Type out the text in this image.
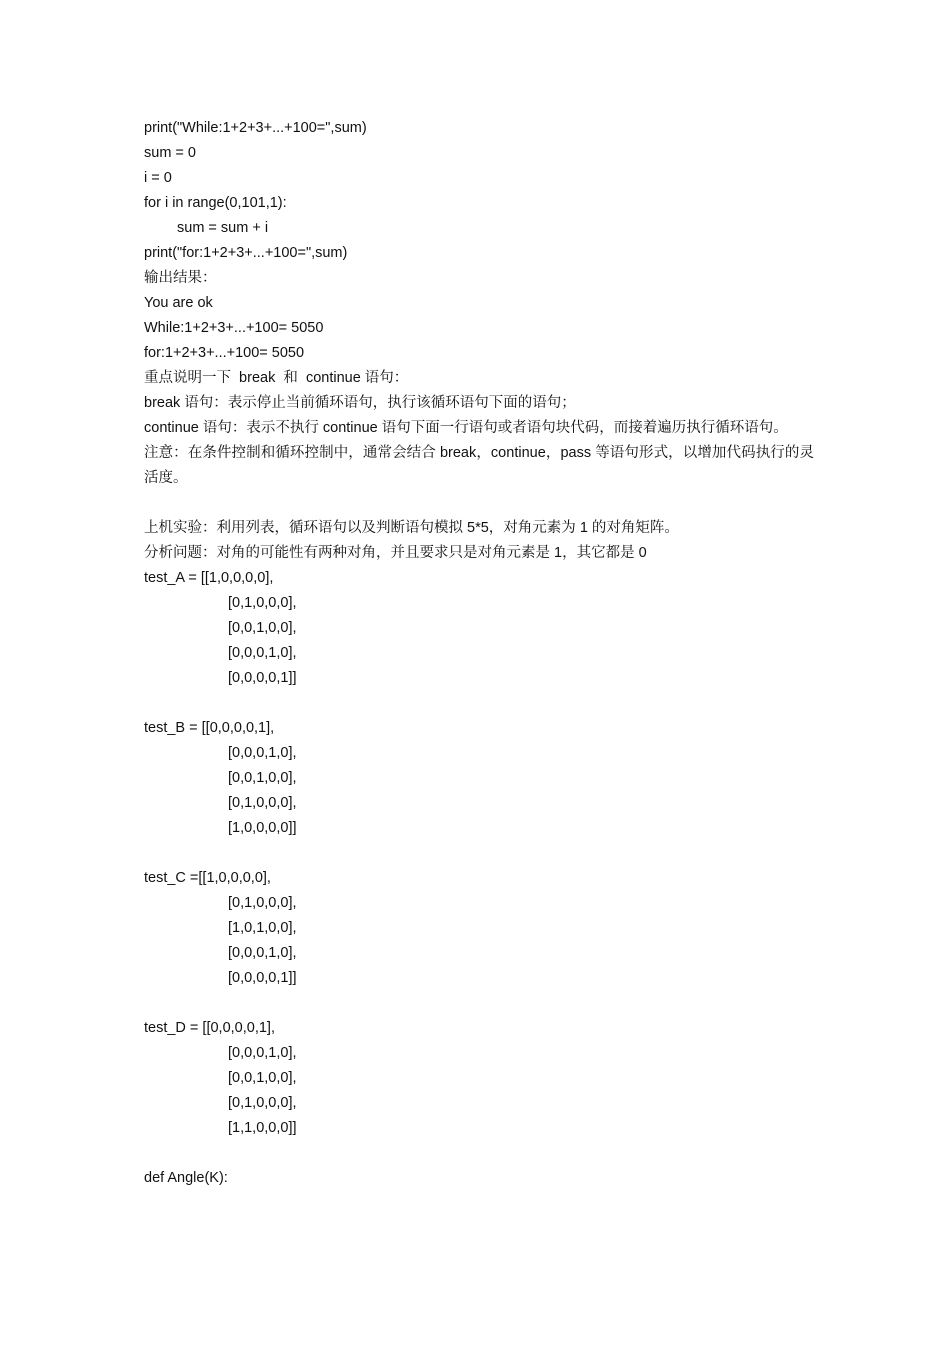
print("While:1+2+3+...+100=",sum)
sum = 0
i = 0
for i in range(0,101,1):
sum = sum + i
print("for:1+2+3+...+100=",sum)
输出结果：
You are ok
While:1+2+3+...+100= 5050
for:1+2+3+...+100= 5050
重点说明一下  break  和  continue 语句：
break 语句：表示停止当前循环语句，执行该循环语句下面的语句；
continue 语句：表示不执行 continue 语句下面一行语句或者语句块代码，而接着遍历执行循环语句。
注意：在条件控制和循环控制中，通常会结合 break，continue，pass 等语句形式，以增加代码执行的灵活度。
上机实验：利用列表，循环语句以及判断语句模拟 5*5，对角元素为 1 的对角矩阵。
分析问题：对角的可能性有两种对角，并且要求只是对角元素是 1，其它都是 0
test_A = [[1,0,0,0,0],
[0,1,0,0,0],
[0,0,1,0,0],
[0,0,0,1,0],
[0,0,0,0,1]]
test_B = [[0,0,0,0,1],
[0,0,0,1,0],
[0,0,1,0,0],
[0,1,0,0,0],
[1,0,0,0,0]]
test_C =[[1,0,0,0,0],
[0,1,0,0,0],
[1,0,1,0,0],
[0,0,0,1,0],
[0,0,0,0,1]]
test_D = [[0,0,0,0,1],
[0,0,0,1,0],
[0,0,1,0,0],
[0,1,0,0,0],
[1,1,0,0,0]]
def Angle(K):
